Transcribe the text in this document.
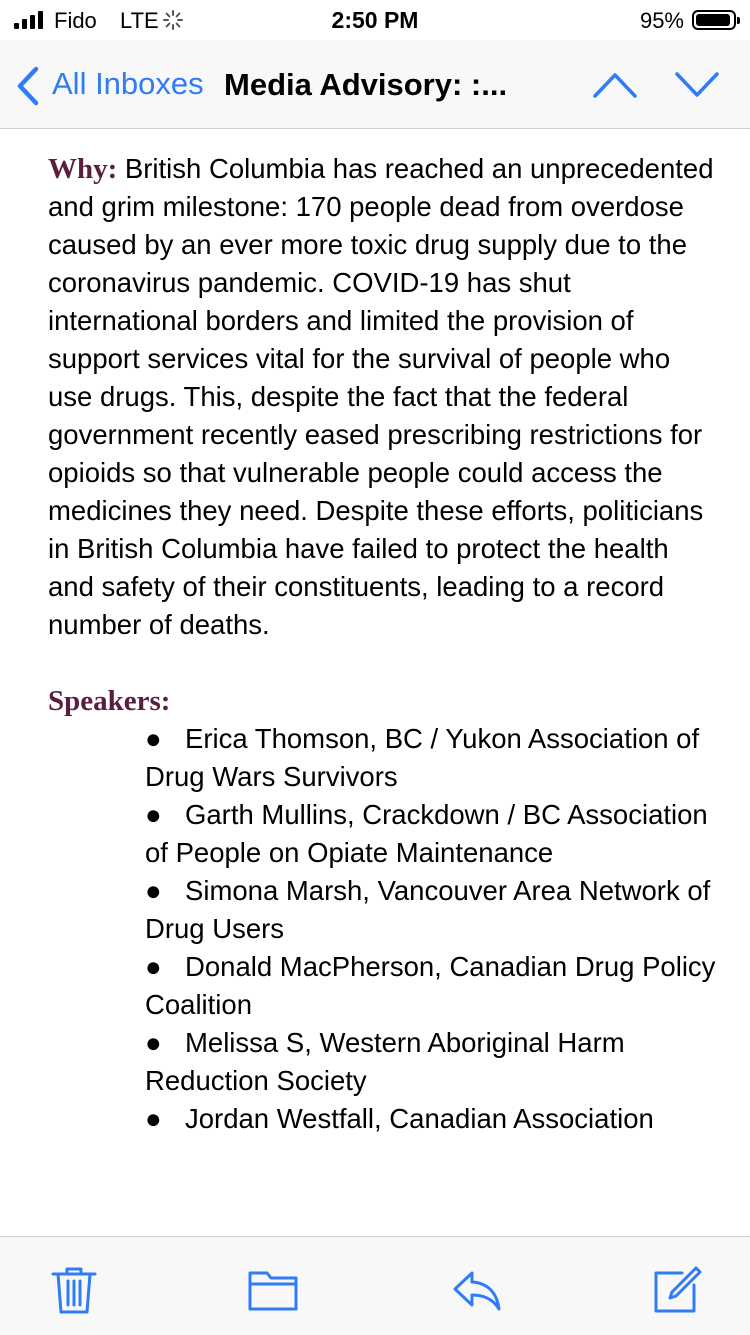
Fido LTE	2:50 PM	95%
All Inboxes Media Advisory: :...

Why: British Columbia has reached an unprecedented and grim milestone: 170 people dead from overdose caused by an ever more toxic drug supply due to the coronavirus pandemic. COVID-19 has shut international borders and limited the provision of support services vital for the survival of people who use drugs. This, despite the fact that the federal government recently eased prescribing restrictions for opioids so that vulnerable people could access the medicines they need. Despite these efforts, politicians in British Columbia have failed to protect the health and safety of their constituents, leading to a record number of deaths.

Speakers:
● Erica Thomson, BC / Yukon Association of Drug Wars Survivors
● Garth Mullins, Crackdown / BC Association of People on Opiate Maintenance
● Simona Marsh, Vancouver Area Network of Drug Users
● Donald MacPherson, Canadian Drug Policy Coalition
● Melissa S, Western Aboriginal Harm Reduction Society
● Jordan Westfall, Canadian Association
